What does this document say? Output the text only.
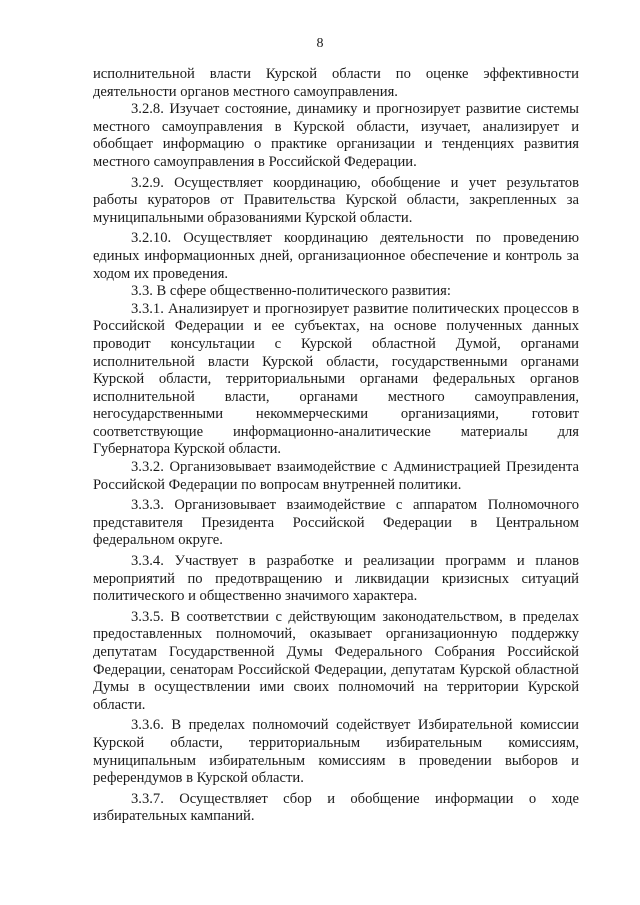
8

исполнительной власти Курской области по оценке эффективности деятельности органов местного самоуправления.

3.2.8. Изучает состояние, динамику и прогнозирует развитие системы местного самоуправления в Курской области, изучает, анализирует и обобщает информацию о практике организации и тенденциях развития местного самоуправления в Российской Федерации.

3.2.9. Осуществляет координацию, обобщение и учет результатов работы кураторов от Правительства Курской области, закрепленных за муниципальными образованиями Курской области.

3.2.10. Осуществляет координацию деятельности по проведению единых информационных дней, организационное обеспечение и контроль за ходом их проведения.

3.3. В сфере общественно-политического развития:

3.3.1. Анализирует и прогнозирует развитие политических процессов в Российской Федерации и ее субъектах, на основе полученных данных проводит консультации с Курской областной Думой, органами исполнительной власти Курской области, государственными органами Курской области, территориальными органами федеральных органов исполнительной власти, органами местного самоуправления, негосударственными некоммерческими организациями, готовит соответствующие информационно-аналитические материалы для Губернатора Курской области.

3.3.2. Организовывает взаимодействие с Администрацией Президента Российской Федерации по вопросам внутренней политики.

3.3.3. Организовывает взаимодействие с аппаратом Полномочного представителя Президента Российской Федерации в Центральном федеральном округе.

3.3.4. Участвует в разработке и реализации программ и планов мероприятий по предотвращению и ликвидации кризисных ситуаций политического и общественно значимого характера.

3.3.5. В соответствии с действующим законодательством, в пределах предоставленных полномочий, оказывает организационную поддержку депутатам Государственной Думы Федерального Собрания Российской Федерации, сенаторам Российской Федерации, депутатам Курской областной Думы в осуществлении ими своих полномочий на территории Курской области.

3.3.6. В пределах полномочий содействует Избирательной комиссии Курской области, территориальным избирательным комиссиям, муниципальным избирательным комиссиям в проведении выборов и референдумов в Курской области.

3.3.7. Осуществляет сбор и обобщение информации о ходе избирательных кампаний.
